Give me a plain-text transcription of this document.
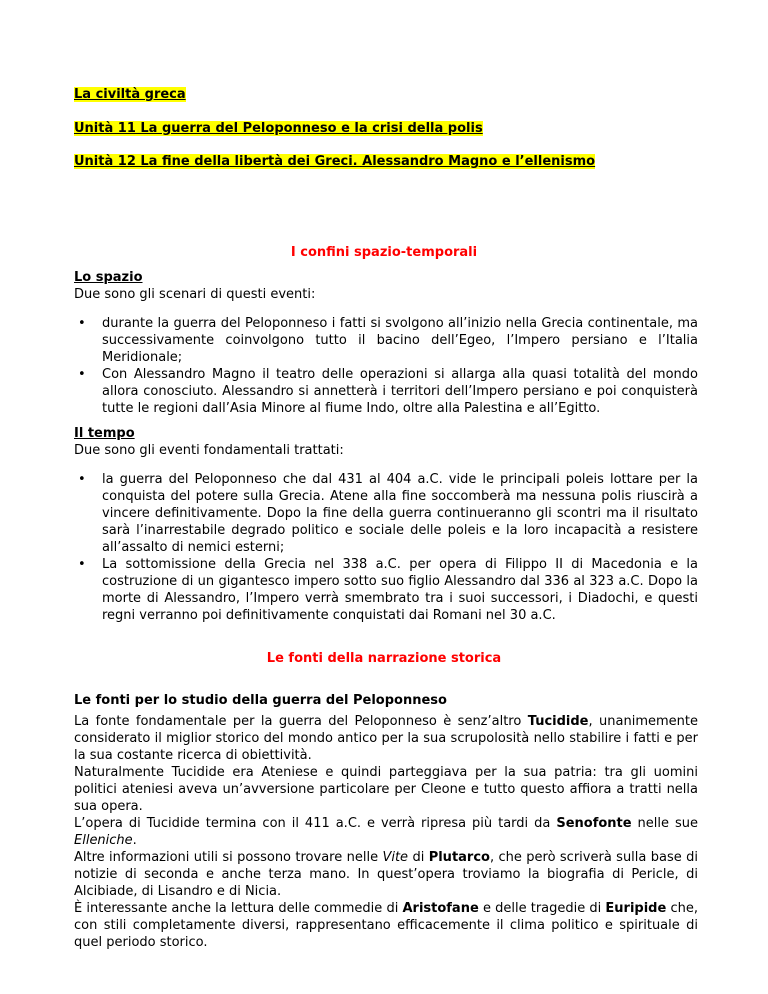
La civiltà greca
Unità 11 La guerra del Peloponneso e la crisi della polis
Unità 12 La fine della libertà dei Greci. Alessandro Magno e l’ellenismo
I confini spazio-temporali
Lo spazio
Due sono gli scenari di questi eventi:
• durante la guerra del Peloponneso i fatti si svolgono all’inizio nella Grecia continentale, ma successivamente coinvolgono tutto il bacino dell’Egeo, l’Impero persiano e l’Italia Meridionale;
• Con Alessandro Magno il teatro delle operazioni si allarga alla quasi totalità del mondo allora conosciuto. Alessandro si annetterà i territori dell’Impero persiano e poi conquisterà tutte le regioni dall’Asia Minore al fiume Indo, oltre alla Palestina e all’Egitto.
Il tempo
Due sono gli eventi fondamentali trattati:
• la guerra del Peloponneso che dal 431 al 404 a.C. vide le principali poleis lottare per la conquista del potere sulla Grecia. Atene alla fine soccomberà ma nessuna polis riuscirà a vincere definitivamente. Dopo la fine della guerra continueranno gli scontri ma il risultato sarà l’inarrestabile degrado politico e sociale delle poleis e la loro incapacità a resistere all’assalto di nemici esterni;
• La sottomissione della Grecia nel 338 a.C. per opera di Filippo II di Macedonia e la costruzione di un gigantesco impero sotto suo figlio Alessandro dal 336 al 323 a.C. Dopo la morte di Alessandro, l’Impero verrà smembrato tra i suoi successori, i Diadochi, e questi regni verranno poi definitivamente conquistati dai Romani nel 30 a.C.
Le fonti della narrazione storica
Le fonti per lo studio della guerra del Peloponneso

La fonte fondamentale per la guerra del Peloponneso è senz’altro Tucidide, unanimemente considerato il miglior storico del mondo antico per la sua scrupolosità nello stabilire i fatti e per la sua costante ricerca di obiettività.

Naturalmente Tucidide era Ateniese e quindi parteggiava per la sua patria: tra gli uomini politici ateniesi aveva un’avversione particolare per Cleone e tutto questo affiora a tratti nella sua opera.

L’opera di Tucidide termina con il 411 a.C. e verrà ripresa più tardi da Senofonte nelle sue Elleniche.

Altre informazioni utili si possono trovare nelle Vite di Plutarco, che però scriverà sulla base di notizie di seconda e anche terza mano. In quest’opera troviamo la biografia di Pericle, di Alcibiade, di Lisandro e di Nicia.

È interessante anche la lettura delle commedie di Aristofane e delle tragedie di Euripide che, con stili completamente diversi, rappresentano efficacemente il clima politico e spirituale di quel periodo storico.
